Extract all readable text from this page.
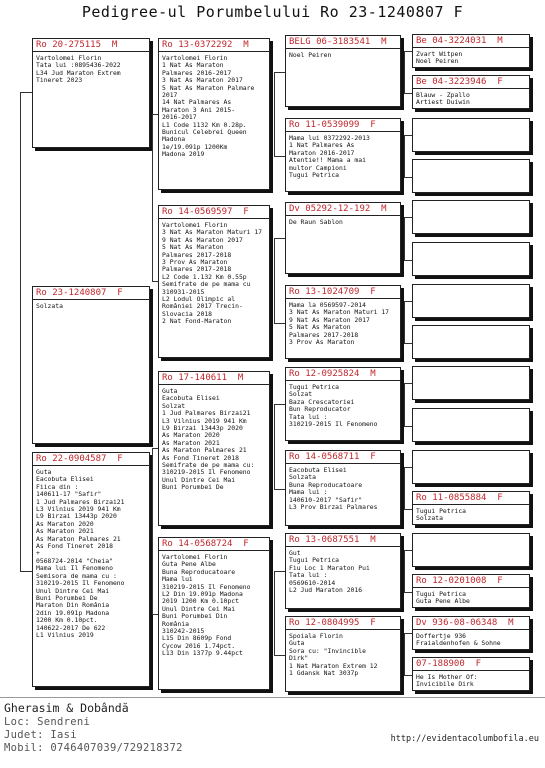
Pedigree-ul Porumbelului Ro 23-1240807 F
Ro 23-1240807 F
Solzata
Ro 20-275115 M
Vartolomei Florin
Tata lui :0895436-2022
L34 Jud Maraton Extrem
Tineret 2023
Ro 22-0904587 F
Guta
Eacobuta Elisei
Fiica din :
140611-17 "Safir"
1 Jud Palmares Birzai21
L3 Vilnius 2019 941 Km
L9 Birzai 13443p 2020
As Maraton 2020
As Maraton 2021
As Maraton Palmares 21
As Fond Tineret 2018
+
0568724-2014 "Cheia"
Mama lui Il Fenomeno
Semisora de mama cu :
310219-2015 Il Fenomeno
Unul Dintre Cei Mai
Buni Porumbei De
Maraton Din România
2din 19.091p Madona
1200 Km 0.10pct.
140622-2017 De 622
L1 Vilnius 2019
Ro 13-0372292 M
Vartolomei Florin
1 Nat As Maraton
Palmares 2016-2017
3 Nat As Maraton 2017
5 Nat As Maraton Palmare
2017
14 Nat Palmares As
Maraton 3 Ani 2015-
2016-2017
L1 Code 1132 Km 0.28p.
Bunicul Celebrei Queen
Madona
1e/19.091p 1200Km
Madona 2019
Ro 14-0569597 F
Vartolomei Florin
3 Nat As Maraton Maturi 17
9 Nat As Maraton 2017
5 Nat As Maraton
Palmares 2017-2018
3 Prov As Maraton
Palmares 2017-2018
L2 Code 1.132 Km 0.55p
Semifrate de pe mama cu
310931-2015
L2 Lodul Olimpic al
României 2017 Trecin-
Slovacia 2018
2 Nat Fond-Maraton
Ro 17-140611 M
Guta
Eacobuta Elisei
Solzat
1 Jud Palmares Birzai21
L3 Vilnius 2019 941 Km
L9 Birzai 13443p 2020
As Maraton 2020
As Maraton 2021
As Maraton Palmares 21
As Fond Tineret 2018
Semifrate de pe mama cu:
310219-2015 Il Fenomeno
Unul Dintre Cei Mai
Buni Porumbei De
Ro 14-0568724 F
Vartolomei Florin
Guta Pene Albe
Buna Reproducatoare
Mama lui
310219-2015 Il Fenomeno
L2 Din 19.091p Madona
2019 1200 Km 0.10pct
Unul Dintre Cei Mai
Buni Porumbei Din
România
310242-2015
L15 Din 8609p Fond
Cycow 2016 1.74pct.
L13 Din 1377p 9.44pct
BELG 06-3183541 M
Noel Peiren
Ro 11-0539099 F
Mama lui 0372292-2013
1 Nat Palmares As
Maraton 2016-2017
Atentie!! Mama a mai
multor Campioni
Tugui Petrica
Dv 05292-12-192 M
De Raun Sablon
Ro 13-1024709 F
Mama la 0569597-2014
3 Nat As Maraton Maturi 17
9 Nat As Maraton 2017
5 Nat As Maraton
Palmares 2017-2018
3 Prov As Maraton
Ro 12-0925824 M
Tugui Petrica
Solzat
Baza Crescatoriei
Bun Reproducator
Tata lui :
310219-2015 Il Fenomeno
Ro 14-0568711 F
Eacobuta Elisei
Solzata
Buna Reproducatoare
Mama lui :
140610-2017 "Safir"
L3 Prov Birzai Palmares
Ro 13-0687551 M
Gut
Tugui Petrica
Fiu Loc 1 Maraton Pui
Tata lui :
0569610-2014
L2 Jud Maraton 2016
Ro 12-0804995 F
Spoiala Florin
Guta
Sora cu: "Invincible
Dirk"
1 Nat Maraton Extrem 12
1 Gdansk Nat 3037p
Be 04-3224031 M
Zvart Witpen
Noel Peiren
Be 04-3223946 F
Blauw - Zpallo
Artiest Duiwin
Ro 11-0855884 F
Tugui Petrica
Solzata
Ro 12-0201008 F
Tugui Petrica
Guta Pene Albe
Dv 936-08-06348 M
Doffertje 936
Fraialdenhofen & Sohne
07-188900 F
He Is Mother Of:
Invicibile Dirk
Gherasim & Dobândă
Loc: Sendreni
Judet: Iasi
Mobil: 0746407039/729218372
http://evidentacolumbofila.eu
